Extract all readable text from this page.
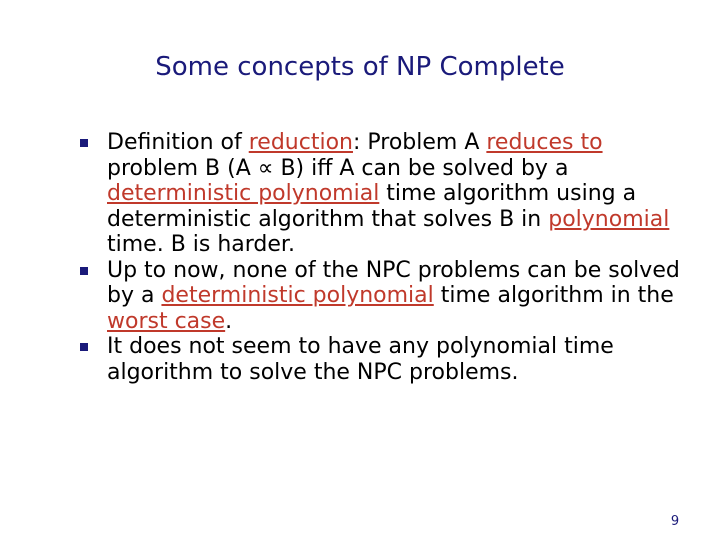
Some concepts of NP Complete
Definition of reduction: Problem A reduces to problem B (A ∝ B) iff A can be solved by a deterministic polynomial time algorithm using a deterministic algorithm that solves B in polynomial time. B is harder.
Up to now, none of the NPC problems can be solved by a deterministic polynomial time algorithm in the worst case.
It does not seem to have any polynomial time algorithm to solve the NPC problems.
9
